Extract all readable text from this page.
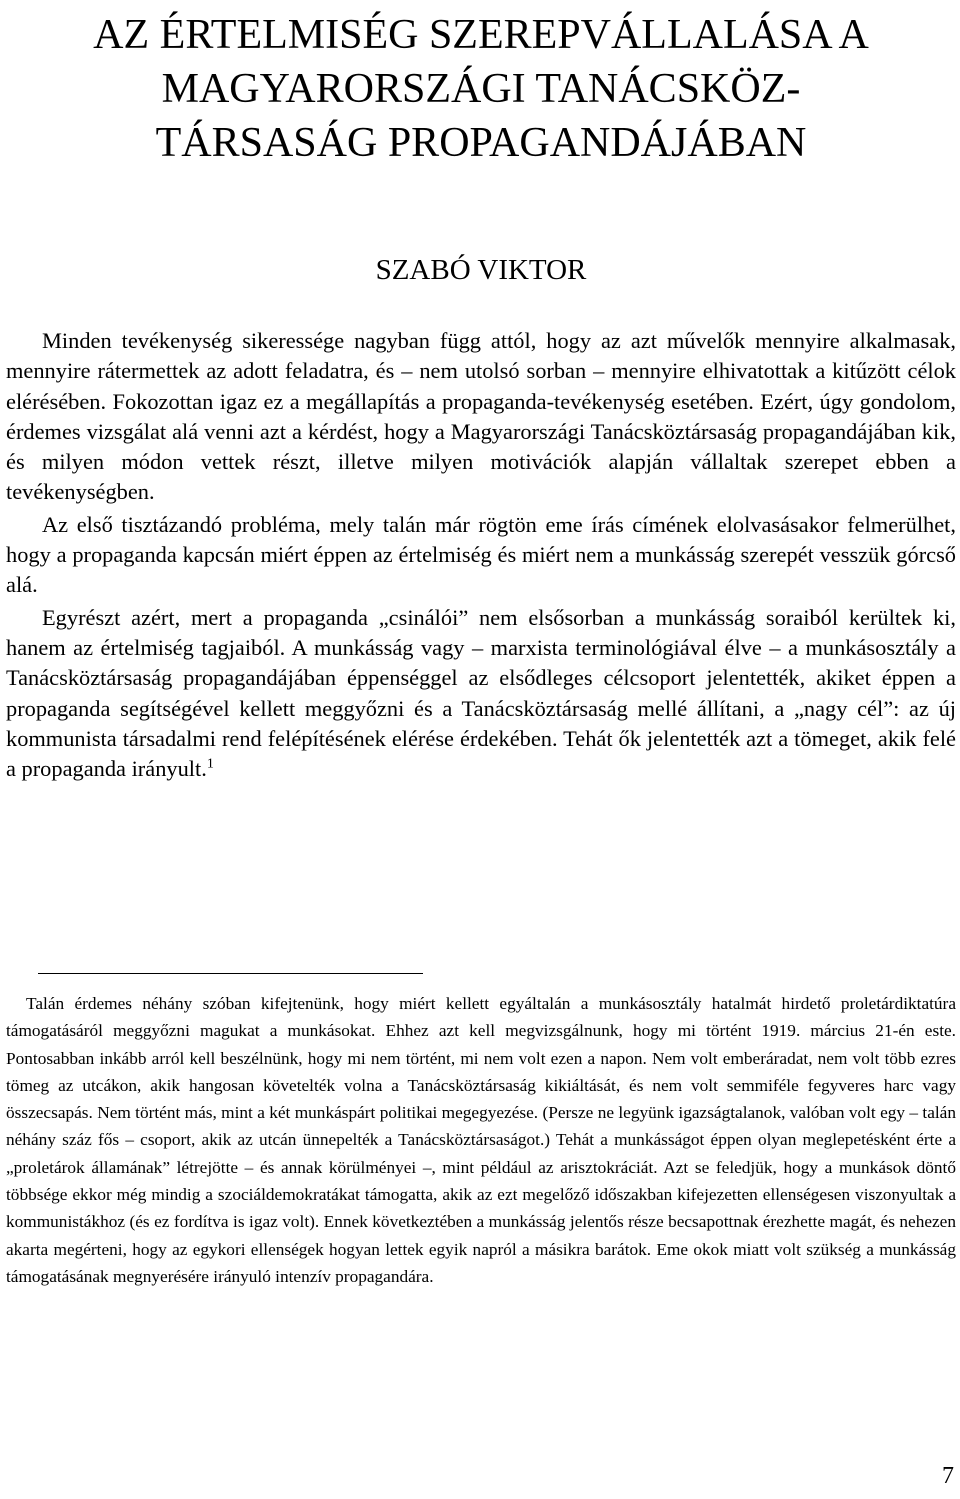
AZ ÉRTELMISÉG SZEREPVÁLLALÁSA A
MAGYARORSZÁGI TANÁCSKÖZ-
TÁRSASÁG PROPAGANDÁJÁBAN
SZABÓ VIKTOR

Minden tevékenység sikeressége nagyban függ attól, hogy az azt művelők mennyire alkalmasak, mennyire rátermettek az adott feladatra, és – nem utolsó sorban – mennyire elhivatottak a kitűzött célok elérésében. Fokozottan igaz ez a megállapítás a propaganda-tevékenység esetében. Ezért, úgy gondolom, érdemes vizsgálat alá venni azt a kérdést, hogy a Magyarországi Tanácsköztársaság propagandájában kik, és milyen módon vettek részt, illetve milyen motivációk alapján vállaltak szerepet ebben a tevékenységben.

Az első tisztázandó probléma, mely talán már rögtön eme írás címének elolvasásakor felmerülhet, hogy a propaganda kapcsán miért éppen az értelmiség és miért nem a munkásság szerepét vesszük górcső alá.

Egyrészt azért, mert a propaganda „csinálói” nem elsősorban a munkásság soraiból kerültek ki, hanem az értelmiség tagjaiból. A munkásság vagy – marxista terminológiával élve – a munkásosztály a Tanácsköztársaság propagandájában éppenséggel az elsődleges célcsoport jelentették, akiket éppen a propaganda segítségével kellett meggyőzni és a Tanácsköztársaság mellé állítani, a „nagy cél”: az új kommunista társadalmi rend felépítésének elérése érdekében. Tehát ők jelentették azt a tömeget, akik felé a propaganda irányult.$^1$

Talán érdemes néhány szóban kifejtenünk, hogy miért kellett egyáltalán a munkásosztály hatalmát hirdető proletárdiktatúra támogatásáról meggyőzni magukat a munkásokat. Ehhez azt kell megvizsgálnunk, hogy mi történt 1919. március 21-én este. Pontosabban inkább arról kell beszélnünk, hogy mi nem történt, mi nem volt ezen a napon. Nem volt emberáradat, nem volt több ezres tömeg az utcákon, akik hangosan követelték volna a Tanácsköztársaság kikiáltását, és nem volt semmiféle fegyveres harc vagy összecsapás. Nem történt más, mint a két munkáspárt politikai megegyezése. (Persze ne legyünk igazságtalanok, valóban volt egy – talán néhány száz fős – csoport, akik az utcán ünnepelték a Tanácsköztársaságot.) Tehát a munkásságot éppen olyan meglepetésként érte a „proletárok államának” létrejötte – és annak körülményei –, mint például az arisztokráciát. Azt se feledjük, hogy a munkások döntő többsége ekkor még mindig a szociáldemokratákat támogatta, akik az ezt megelőző időszakban kifejezetten ellenségesen viszonyultak a kommunistákhoz (és ez fordítva is igaz volt). Ennek következtében a munkásság jelentős része becsapottnak érezhette magát, és nehezen akarta megérteni, hogy az egykori ellenségek hogyan lettek egyik napról a másikra barátok. Eme okok miatt volt szükség a munkásság támogatásának megnyerésére irányuló intenzív propagandára.

7
